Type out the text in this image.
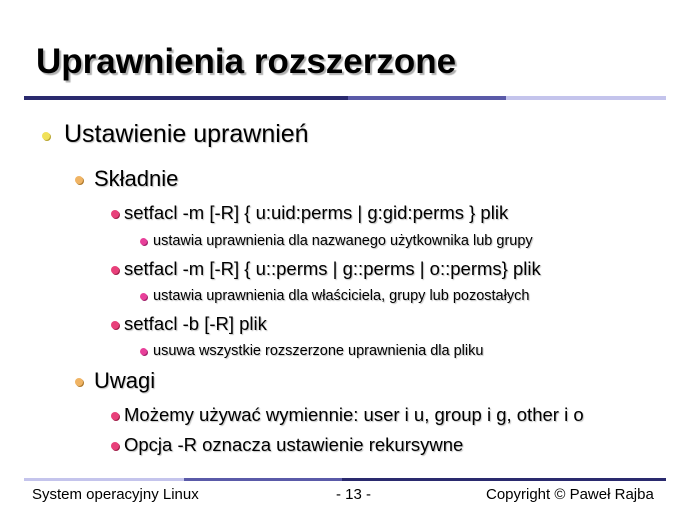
Uprawnienia rozszerzone
Ustawienie uprawnień
Składnie
setfacl -m [-R] { u:uid:perms | g:gid:perms } plik
ustawia uprawnienia dla nazwanego użytkownika lub grupy
setfacl -m [-R] { u::perms | g::perms | o::perms} plik
ustawia uprawnienia dla właściciela, grupy lub pozostałych
setfacl -b [-R] plik
usuwa wszystkie rozszerzone uprawnienia dla pliku
Uwagi
Możemy używać wymiennie: user i u, group i g, other i o
Opcja -R oznacza ustawienie rekursywne
System operacyjny Linux	- 13 -	Copyright © Paweł Rajba
